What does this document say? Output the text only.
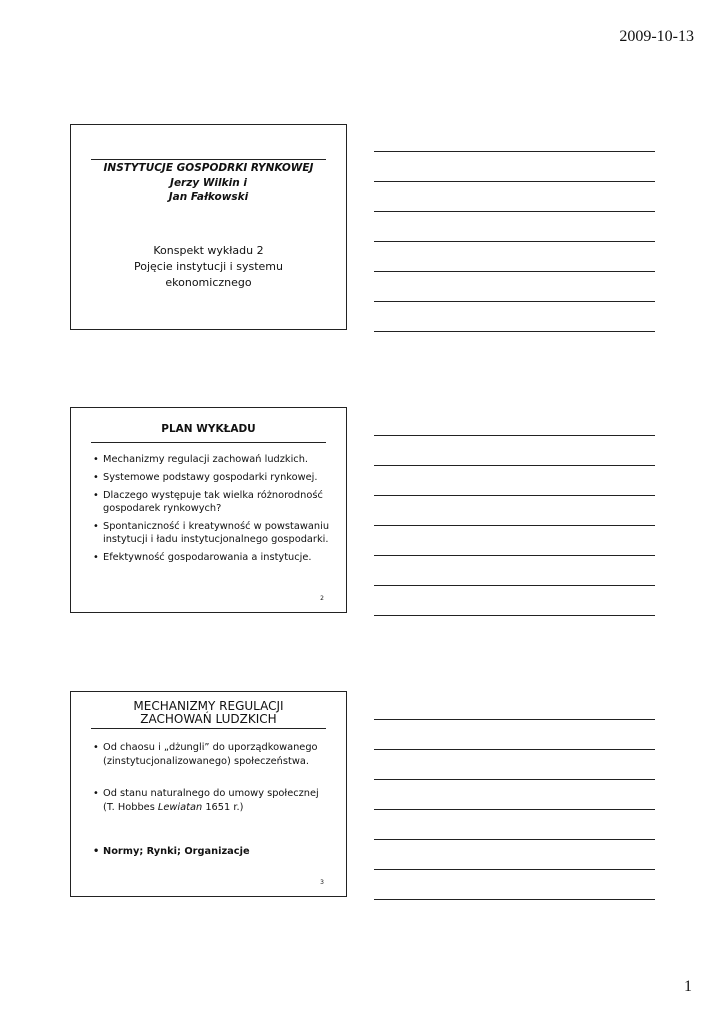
2009-10-13
INSTYTUCJE GOSPODRKI RYNKOWEJ
Jerzy Wilkin i
Jan Fałkowski
Konspekt wykładu 2
Pojęcie instytucji i systemu
ekonomicznego
PLAN WYKŁADU
• Mechanizmy regulacji zachowań ludzkich.
• Systemowe podstawy gospodarki rynkowej.
• Dlaczego występuje tak wielka różnorodność gospodarek rynkowych?
• Spontaniczność i kreatywność w powstawaniu instytucji i ładu instytucjonalnego gospodarki.
• Efektywność gospodarowania a instytucje.
2
MECHANIZMY REGULACJI
ZACHOWAŃ LUDZKICH
• Od chaosu i „dżungli” do uporządkowanego (zinstytucjonalizowanego) społeczeństwa.
• Od stanu naturalnego do umowy społecznej (T. Hobbes Lewiatan 1651 r.)
• Normy; Rynki; Organizacje
3
1
